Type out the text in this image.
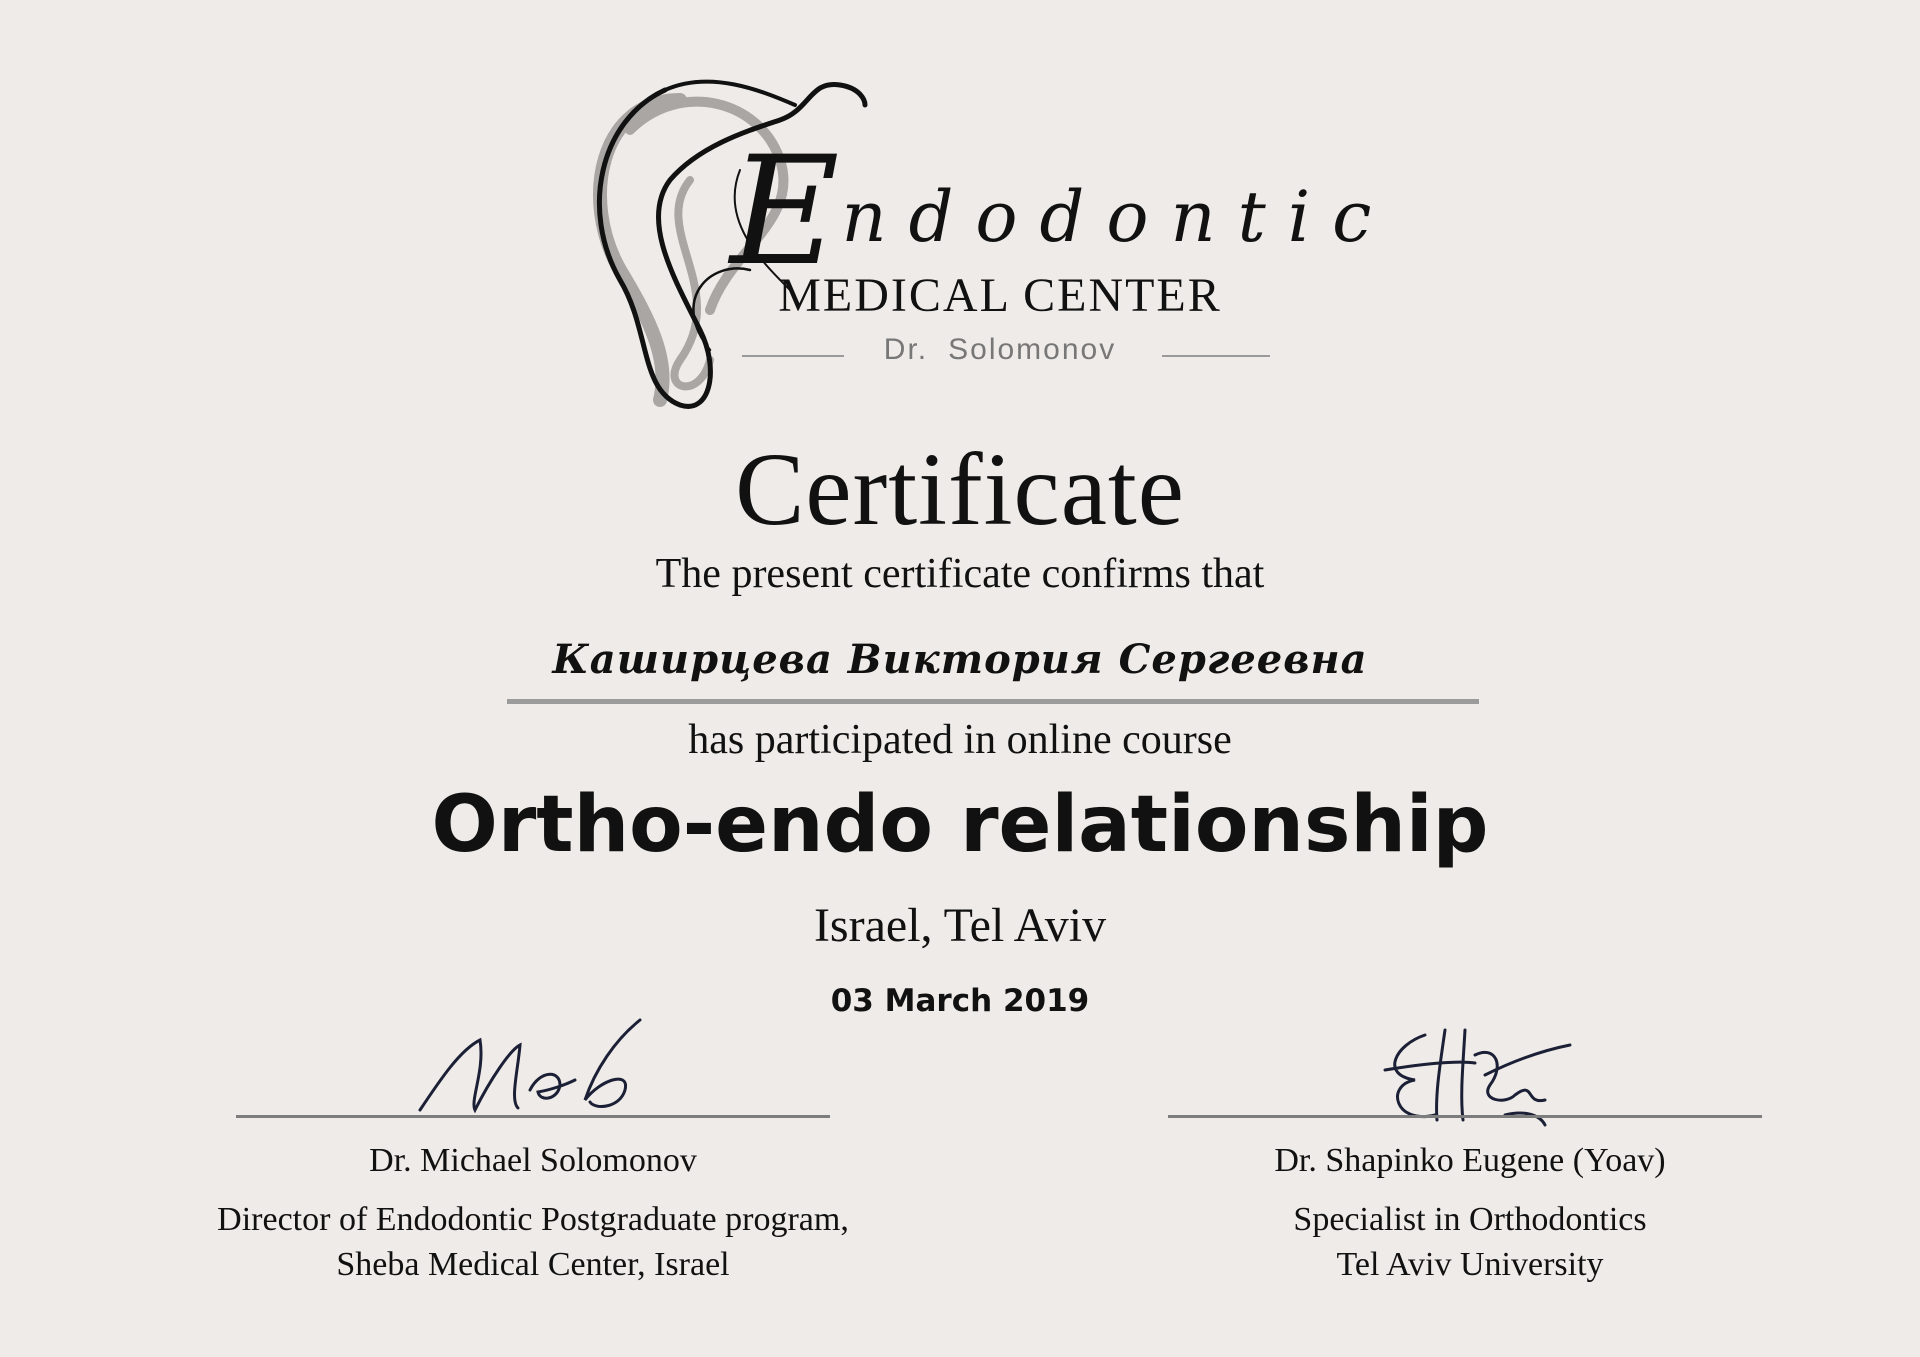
Endodontic
MEDICAL CENTER
Dr. Solomonov
Certificate
The present certificate confirms that
Каширцева Виктория Сергеевна
has participated in online course
Ortho-endo relationship
Israel, Tel Aviv
03 March 2019
Dr. Michael Solomonov
Director of Endodontic Postgraduate program,
Sheba Medical Center, Israel
Dr. Shapinko Eugene (Yoav)
Specialist in Orthodontics
Tel Aviv University
